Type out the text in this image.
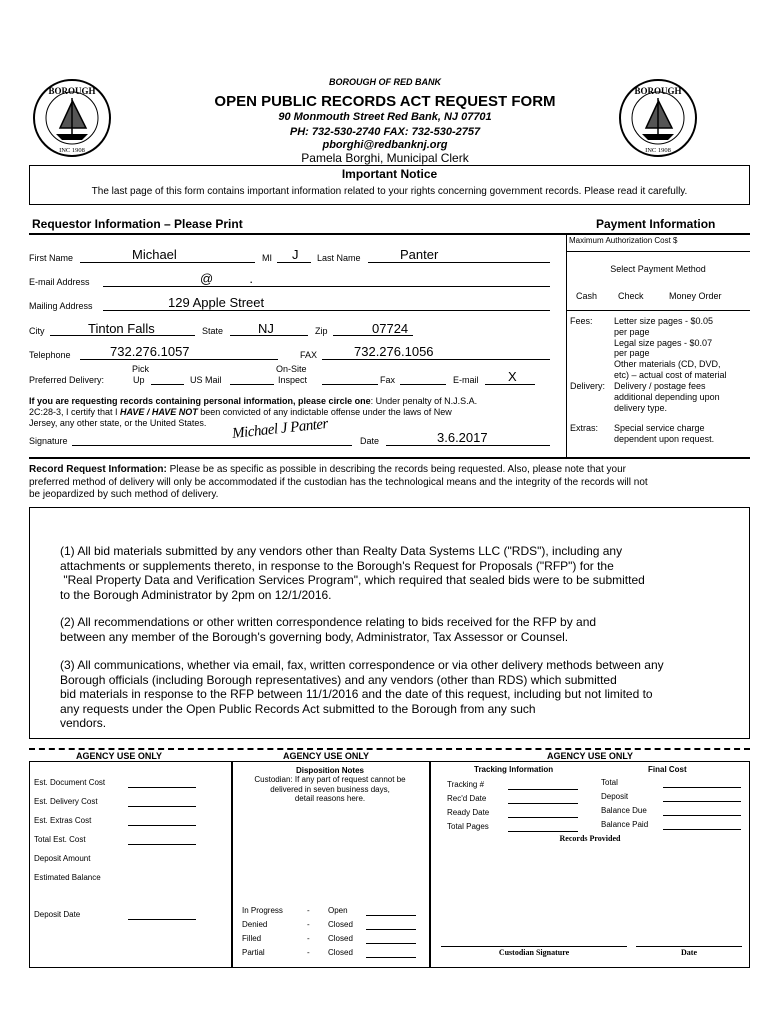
BOROUGH
INC 1908
BOROUGH
INC 1908
BOROUGH OF RED BANK
OPEN PUBLIC RECORDS ACT REQUEST FORM
90 Monmouth Street Red Bank, NJ 07701
PH: 732-530-2740 FAX: 732-530-2757
pborghi@redbanknj.org
Pamela Borghi, Municipal Clerk
Important Notice
The last page of this form contains important information related to your rights concerning government records. Please read it carefully.
Requestor Information – Please Print	Payment Information
First Name	Michael	MI J Last Name	Panter
E-mail Address	@          .
Mailing Address	129 Apple Street
City	Tinton Falls	State	NJ	Zip	07724
Telephone	732.276.1057	FAX	732.276.1056
Pick	On-Site
Preferred Delivery:	Up	US Mail	Inspect	Fax	E-mail X
If you are requesting records containing personal information, please circle one: Under penalty of N.J.S.A.
2C:28-3, I certify that I HAVE / HAVE NOT been convicted of any indictable offense under the laws of New
Jersey, any other state, or the United States.
Signature	Michael J Panter	Date	3.6.2017
Maximum Authorization Cost $
Select Payment Method
Cash Check	Money Order
Fees: Letter size pages - $0.05
per page
Legal size pages - $0.07
per page
Other materials (CD, DVD,
etc) – actual cost of material
Delivery: Delivery / postage fees
additional depending upon
delivery type.
Extras: Special service charge
dependent upon request.
Record Request Information: Please be as specific as possible in describing the records being requested. Also, please note that your
preferred method of delivery will only be accommodated if the custodian has the technological means and the integrity of the records will not
be jeopardized by such method of delivery.

(1) All bid materials submitted by any vendors other than Realty Data Systems LLC ("RDS"), including any
attachments or supplements thereto, in response to the Borough's Request for Proposals ("RFP") for the
"Real Property Data and Verification Services Program", which required that sealed bids were to be submitted
to the Borough Administrator by 2pm on 12/1/2016.

(2) All recommendations or other written correspondence relating to bids received for the RFP by and
between any member of the Borough's governing body, Administrator, Tax Assessor or Counsel.

(3) All communications, whether via email, fax, written correspondence or via other delivery methods between any
Borough officials (including Borough representatives) and any vendors (other than RDS) which submitted
bid materials in response to the RFP between 11/1/2016 and the date of this request, including but not limited to
any requests under the Open Public Records Act submitted to the Borough from any such
vendors.

AGENCY USE ONLY
Est. Document Cost
Est. Delivery Cost
Est. Extras Cost
Total Est. Cost
Deposit Amount
Estimated Balance
Deposit Date
AGENCY USE ONLY
Disposition Notes
Custodian: If any part of request cannot be
delivered in seven business days,
detail reasons here.
In Progress	- Open
Denied	- Closed
Filled	- Closed
Partial	- Closed
AGENCY USE ONLY
Tracking Information	Final Cost
Tracking #
Rec'd Date
Ready Date
Total Pages
Total
Deposit
Balance Due
Balance Paid
Records Provided
Custodian Signature	Date
